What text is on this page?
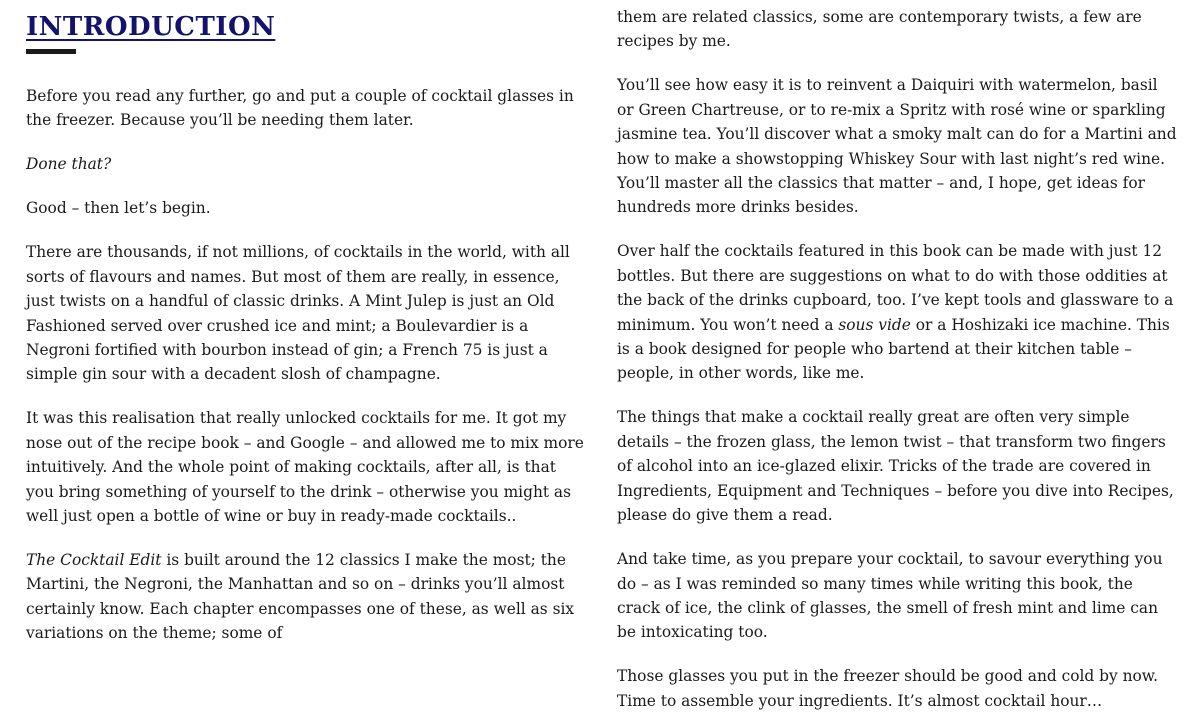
INTRODUCTION

Before you read any further, go and put a couple of cocktail glasses in the freezer. Because you’ll be needing them later.

Done that?

Good – then let’s begin.

There are thousands, if not millions, of cocktails in the world, with all sorts of flavours and names. But most of them are really, in essence, just twists on a handful of classic drinks. A Mint Julep is just an Old Fashioned served over crushed ice and mint; a Boulevardier is a Negroni fortified with bourbon instead of gin; a French 75 is just a simple gin sour with a decadent slosh of champagne.

It was this realisation that really unlocked cocktails for me. It got my nose out of the recipe book – and Google – and allowed me to mix more intuitively. And the whole point of making cocktails, after all, is that you bring something of yourself to the drink – otherwise you might as well just open a bottle of wine or buy in ready-made cocktails..

The Cocktail Edit is built around the 12 classics I make the most; the Martini, the Negroni, the Manhattan and so on – drinks you’ll almost certainly know. Each chapter encompasses one of these, as well as six variations on the theme; some of

them are related classics, some are contemporary twists, a few are recipes by me.

You’ll see how easy it is to reinvent a Daiquiri with watermelon, basil or Green Chartreuse, or to re-mix a Spritz with rosé wine or sparkling jasmine tea. You’ll discover what a smoky malt can do for a Martini and how to make a showstopping Whiskey Sour with last night’s red wine. You’ll master all the classics that matter – and, I hope, get ideas for hundreds more drinks besides.

Over half the cocktails featured in this book can be made with just 12 bottles. But there are suggestions on what to do with those oddities at the back of the drinks cupboard, too. I’ve kept tools and glassware to a minimum. You won’t need a sous vide or a Hoshizaki ice machine. This is a book designed for people who bartend at their kitchen table – people, in other words, like me.

The things that make a cocktail really great are often very simple details – the frozen glass, the lemon twist – that transform two fingers of alcohol into an ice-glazed elixir. Tricks of the trade are covered in Ingredients, Equipment and Techniques – before you dive into Recipes, please do give them a read.

And take time, as you prepare your cocktail, to savour everything you do – as I was reminded so many times while writing this book, the crack of ice, the clink of glasses, the smell of fresh mint and lime can be intoxicating too.

Those glasses you put in the freezer should be good and cold by now. Time to assemble your ingredients. It’s almost cocktail hour…
